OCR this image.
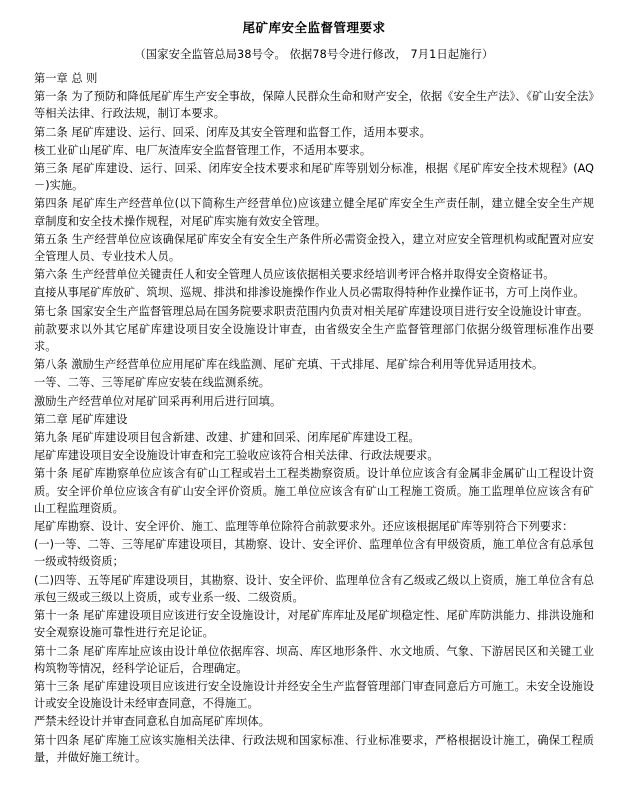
尾矿库安全监督管理要求
（国家安全监管总局38号令。 依据78号令进行修改， 7月1日起施行）

第一章 总 则

第一条 为了预防和降低尾矿库生产安全事故，保障人民群众生命和财产安全，依据《安全生产法》、《矿山安全法》等相关法律、行政法规，制订本要求。

第二条 尾矿库建设、运行、回采、闭库及其安全管理和监督工作，适用本要求。

核工业矿山尾矿库、电厂灰渣库安全监督管理工作，不适用本要求。

第三条 尾矿库建设、运行、回采、闭库安全技术要求和尾矿库等别划分标准，根据《尾矿库安全技术规程》(AQ－)实施。

第四条 尾矿库生产经营单位(以下简称生产经营单位)应该建立健全尾矿库安全生产责任制，建立健全安全生产规章制度和安全技术操作规程，对尾矿库实施有效安全管理。

第五条 生产经营单位应该确保尾矿库安全有安全生产条件所必需资金投入，建立对应安全管理机构或配置对应安全管理人员、专业技术人员。

第六条 生产经营单位关键责任人和安全管理人员应该依据相关要求经培训考评合格并取得安全资格证书。

直接从事尾矿库放矿、筑坝、巡规、排洪和排渗设施操作作业人员必需取得特种作业操作证书，方可上岗作业。

第七条 国家安全生产监督管理总局在国务院要求职责范围内负责对相关尾矿库建设项目进行安全设施设计审查。

前款要求以外其它尾矿库建设项目安全设施设计审查，由省级安全生产监督管理部门依据分级管理标准作出要求。

第八条 激励生产经营单位应用尾矿库在线监测、尾矿充填、干式排尾、尾矿综合利用等优异适用技术。

一等、二等、三等尾矿库应安装在线监测系统。

激励生产经营单位对尾矿回采再利用后进行回填。

第二章 尾矿库建设

第九条 尾矿库建设项目包含新建、改建、扩建和回采、闭库尾矿库建设工程。

尾矿库建设项目安全设施设计审查和完工验收应该符合相关法律、行政法规要求。

第十条 尾矿库勘察单位应该含有矿山工程或岩土工程类勘察资质。设计单位应该含有金属非金属矿山工程设计资质。安全评价单位应该含有矿山安全评价资质。施工单位应该含有矿山工程施工资质。施工监理单位应该含有矿山工程监理资质。

尾矿库勘察、设计、安全评价、施工、监理等单位除符合前款要求外。还应该根据尾矿库等别符合下列要求：

(一)一等、二等、三等尾矿库建设项目，其勘察、设计、安全评价、监理单位含有甲级资质，施工单位含有总承包一级或特级资质；

(二)四等、五等尾矿库建设项目，其勘察、设计、安全评价、监理单位含有乙级或乙级以上资质，施工单位含有总承包三级或三级以上资质，或专业系一级、二级资质。

第十一条 尾矿库建设项目应该进行安全设施设计，对尾矿库库址及尾矿坝稳定性、尾矿库防洪能力、排洪设施和安全观察设施可靠性进行充足论证。

第十二条 尾矿库库址应该由设计单位依据库容、坝高、库区地形条件、水文地质、气象、下游居民区和关键工业构筑物等情况，经科学论证后，合理确定。

第十三条 尾矿库建设项目应该进行安全设施设计并经安全生产监督管理部门审查同意后方可施工。未安全设施设计或安全设施设计未经审查同意，不得施工。

严禁未经设计并审查同意私自加高尾矿库坝体。

第十四条 尾矿库施工应该实施相关法律、行政法规和国家标准、行业标准要求，严格根据设计施工，确保工程质量，并做好施工统计。
